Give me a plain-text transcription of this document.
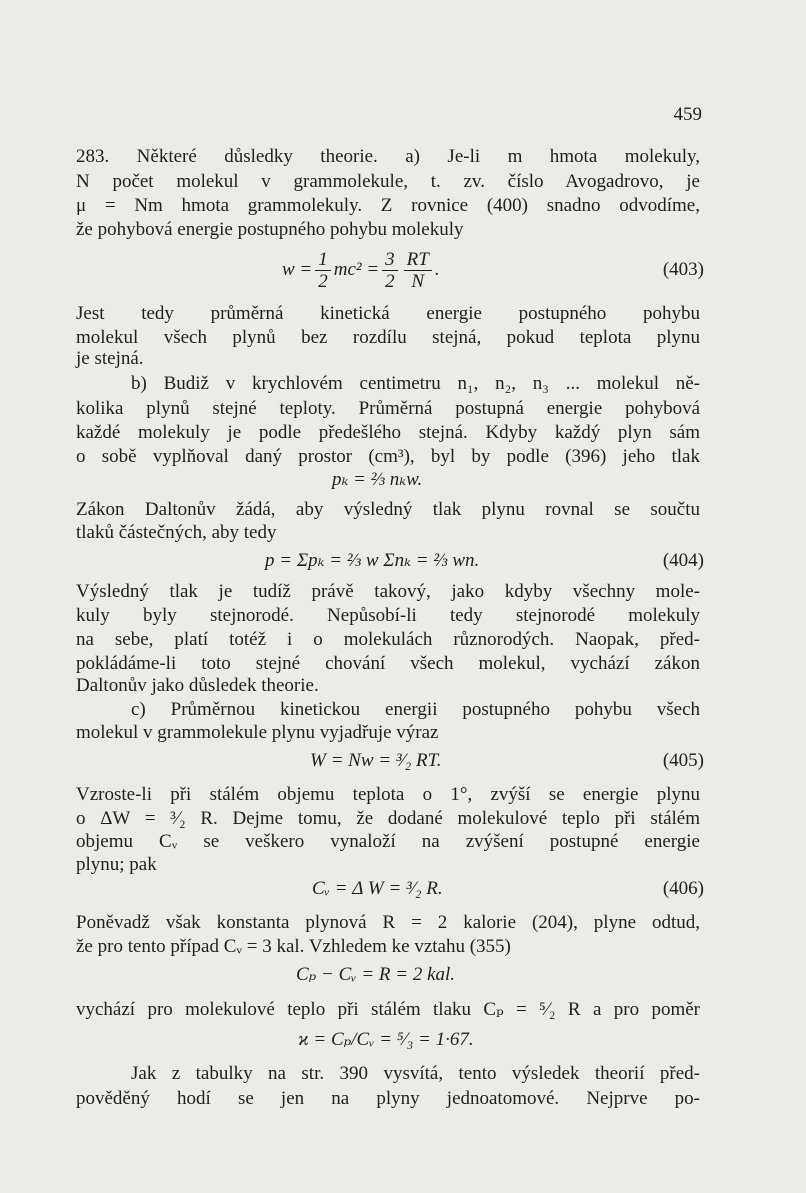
459
283. Některé důsledky theorie. a) Je-li m hmota molekuly,
N počet molekul v grammolekule, t. zv. číslo Avogadrovo, je
μ = Nm hmota grammolekuly. Z rovnice (400) snadno odvodíme,
že pohybová energie postupného pohybu molekuly
$w = \frac{1}{2} mc^2 = \frac{3}{2} \frac{RT}{N}$ .	(403)
Jest tedy průměrná kinetická energie postupného pohybu
molekul všech plynů bez rozdílu stejná, pokud teplota plynu
je stejná.
b) Budiž v krychlovém centimetru n₁, n₂, n₃ ... molekul ně-
kolika plynů stejné teploty. Průměrná postupná energie pohybová
každé molekuly je podle předešlého stejná. Kdyby každý plyn sám
o sobě vyplňoval daný prostor (cm³), byl by podle (396) jeho tlak
pₖ = ⅔ nₖw.
Zákon Daltonův žádá, aby výsledný tlak plynu rovnal se součtu
tlaků částečných, aby tedy
p = Σpₖ = ⅔ w Σnₖ = ⅔ wn.	(404)
Výsledný tlak je tudíž právě takový, jako kdyby všechny mole-
kuly byly stejnorodé. Nepůsobí-li tedy stejnorodé molekuly
na sebe, platí totéž i o molekulách různorodých. Naopak, před-
pokládáme-li toto stejné chování všech molekul, vychází zákon
Daltonův jako důsledek theorie.
c) Průměrnou kinetickou energii postupného pohybu všech
molekul v grammolekule plynu vyjadřuje výraz
W = Nw = ³⁄₂ RT.	(405)
Vzroste-li při stálém objemu teplota o 1°, zvýší se energie plynu
o ΔW = ³⁄₂ R. Dejme tomu, že dodané molekulové teplo při stálém
objemu Cᵥ se veškero vynaloží na zvýšení postupné energie
plynu; pak
Cᵥ = Δ W = ³⁄₂ R.	(406)
Poněvadž však konstanta plynová R = 2 kalorie (204), plyne odtud,
že pro tento případ Cᵥ = 3 kal. Vzhledem ke vztahu (355)
Cₚ − Cᵥ = R = 2 kal.
vychází pro molekulové teplo při stálém tlaku Cₚ = ⁵⁄₂ R a pro poměr
ϰ = Cₚ/Cᵥ = ⁵⁄₃ = 1·67.
Jak z tabulky na str. 390 vysvítá, tento výsledek theorií před-
pověděný hodí se jen na plyny jednoatomové. Nejprve po-
